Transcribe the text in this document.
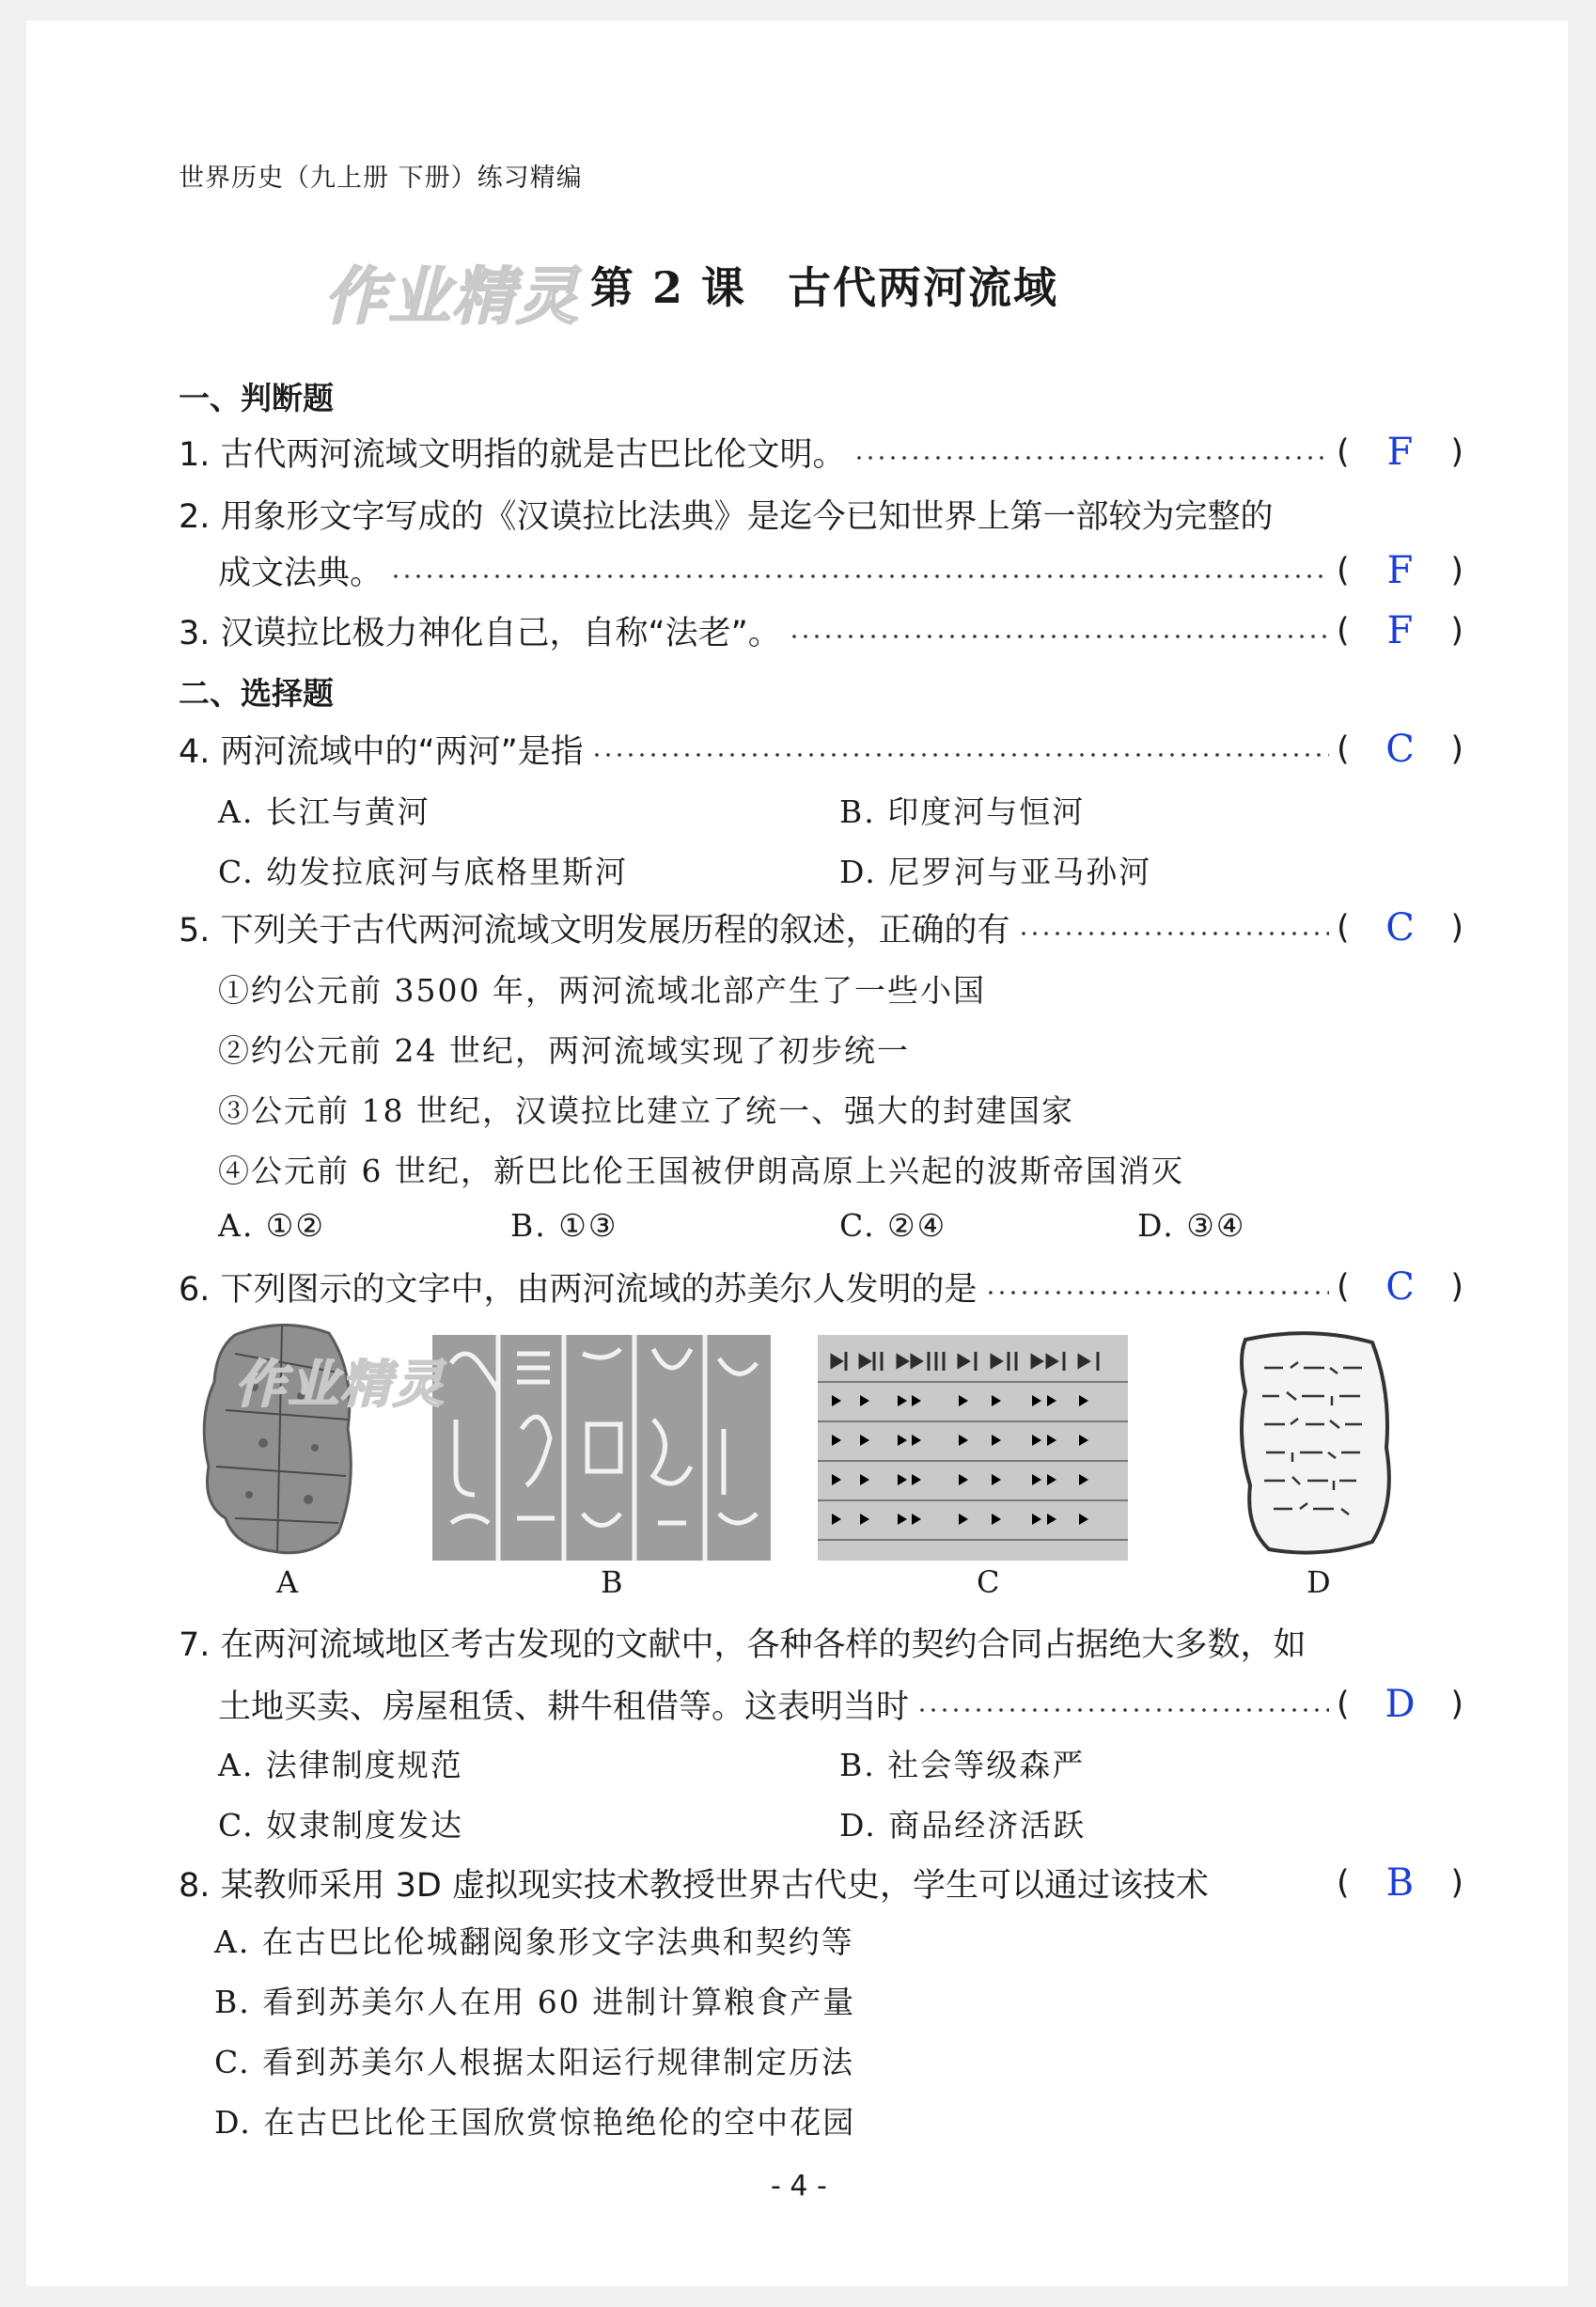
世界历史（九上册 下册）练习精编
作业精灵 第 2 课 古代两河流域
一、判断题
1. 古代两河流域文明指的就是古巴比伦文明。	( F )
2. 用象形文字写成的《汉谟拉比法典》是迄今已知世界上第一部较为完整的
成文法典。	( F )
3. 汉谟拉比极力神化自己，自称“法老”。	( F )
二、选择题
4. 两河流域中的“两河”是指	( C )
A. 长江与黄河	B. 印度河与恒河
C. 幼发拉底河与底格里斯河	D. 尼罗河与亚马孙河
5. 下列关于古代两河流域文明发展历程的叙述，正确的有	( C )
①约公元前 3500 年，两河流域北部产生了一些小国
②约公元前 24 世纪，两河流域实现了初步统一
③公元前 18 世纪，汉谟拉比建立了统一、强大的封建国家
④公元前 6 世纪，新巴比伦王国被伊朗高原上兴起的波斯帝国消灭
A. ①②	B. ①③	C. ②④	D. ③④
6. 下列图示的文字中，由两河流域的苏美尔人发明的是	( C )
作业精灵
A	B	C	D
7. 在两河流域地区考古发现的文献中，各种各样的契约合同占据绝大多数，如
土地买卖、房屋租赁、耕牛租借等。这表明当时	( D )
A. 法律制度规范	B. 社会等级森严
C. 奴隶制度发达	D. 商品经济活跃
8. 某教师采用 3D 虚拟现实技术教授世界古代史，学生可以通过该技术	( B )
A. 在古巴比伦城翻阅象形文字法典和契约等
B. 看到苏美尔人在用 60 进制计算粮食产量
C. 看到苏美尔人根据太阳运行规律制定历法
D. 在古巴比伦王国欣赏惊艳绝伦的空中花园
- 4 -
